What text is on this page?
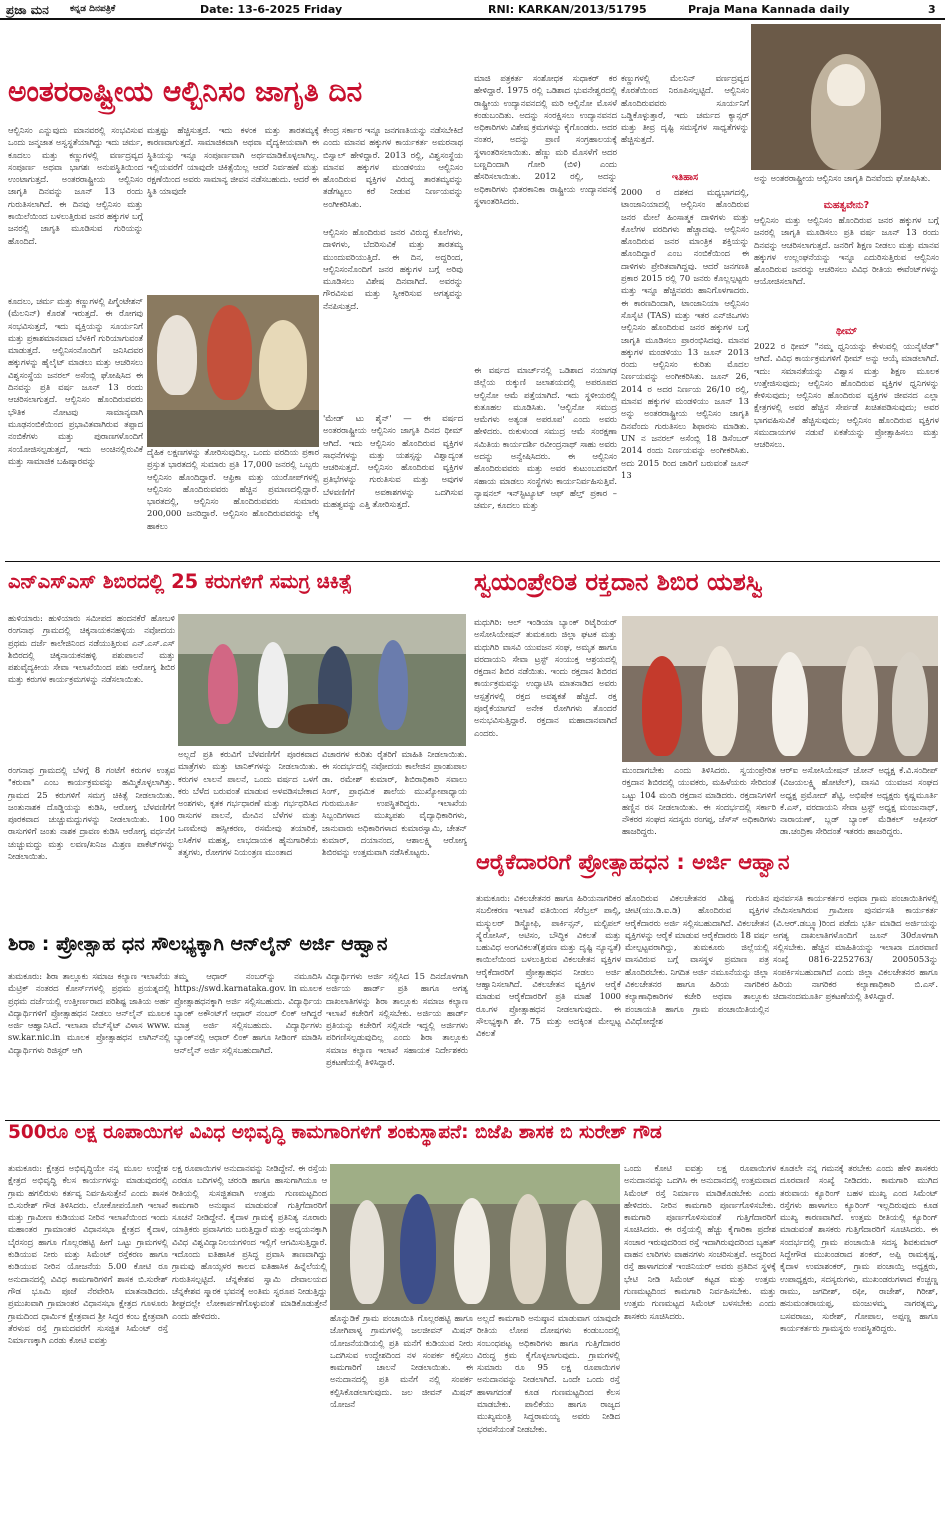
ಪ್ರಜಾ ಮನ ಕನ್ನಡ ದಿನಪತ್ರಿಕೆ	Date: 13-6-2025 Friday	RNI: KARKAN/2013/51795	Praja Mana Kannada daily	3
ಅಂತರರಾಷ್ಟ್ರೀಯ ಆಲ್ಬಿನಿಸಂ ಜಾಗೃತಿ ದಿನ
ಆಲ್ಬಿನಿಸಂ ಎನ್ನುವುದು ಮಾನವರಲ್ಲಿ ಸಂಭವಿಸುವ ಒಂದು ಜನ್ಮಜಾತ ಅಸ್ವಸ್ಥತೆಯಾಗಿದ್ದು ಇದು ಚರ್ಮ, ಕೂದಲು ಮತ್ತು ಕಣ್ಣುಗಳಲ್ಲಿ ವರ್ಣದ್ರವ್ಯದ ಸಂಪೂರ್ಣ ಅಥವಾ ಭಾಗಶಃ ಅನುಪಸ್ಥಿತಿಯಿಂದ ಉಂಟಾಗುತ್ತದೆ. ಅಂತರರಾಷ್ಟ್ರೀಯ ಆಲ್ಬಿನಿಸಂ ಜಾಗೃತಿ ದಿನವನ್ನು ಜೂನ್ 13 ರಂದು ಗುರುತಿಸಲಾಗಿದೆ. ಈ ದಿನವು ಆಲ್ಬಿನಿಸಂ ಮತ್ತು ಕಾಯಿಲೆಯಿಂದ ಬಳಲುತ್ತಿರುವ ಜನರ ಹಕ್ಕುಗಳ ಬಗ್ಗೆ ಜನರಲ್ಲಿ ಜಾಗೃತಿ ಮೂಡಿಸುವ ಗುರಿಯನ್ನು ಹೊಂದಿದೆ.
ಕೂದಲು, ಚರ್ಮ ಮತ್ತು ಕಣ್ಣುಗಳಲ್ಲಿ ಪಿಗ್ಮೆಂಟೇಶನ್ (ಮೆಲನಿನ್) ಕೊರತೆ ಇರುತ್ತದೆ. ಈ ರೋಗವು ಸಂಭವಿಸುತ್ತದೆ, ಇದು ವ್ಯಕ್ತಿಯನ್ನು ಸೂರ್ಯನಿಗೆ ಮತ್ತು ಪ್ರಕಾಶಮಾನವಾದ ಬೆಳಕಿಗೆ ಗುರಿಯಾಗುವಂತೆ ಮಾಡುತ್ತದೆ. ಆಲ್ಬಿನಿಸಂನೊಂದಿಗೆ ಜನಿಸಿದವರ ಹಕ್ಕುಗಳನ್ನು ಹೈಲೈಟ್ ಮಾಡಲು ಮತ್ತು ಆಚರಿಸಲು ವಿಶ್ವಸಂಸ್ಥೆಯ ಜನರಲ್ ಅಸೆಂಬ್ಲಿ ಘೋಷಿಸಿದ ಈ ದಿನವನ್ನು ಪ್ರತಿ ವರ್ಷ ಜೂನ್ 13 ರಂದು ಆಚರಿಸಲಾಗುತ್ತದೆ. ಆಲ್ಬಿನಿಸಂ ಹೊಂದಿರುವವರು ಭೌತಿಕ ನೋಟವು ಸಾಮಾನ್ಯವಾಗಿ ಮೂಢನಂಬಿಕೆಯಿಂದ ಪ್ರಭಾವಿತವಾಗಿರುವ ತಪ್ಪಾದ ನಂಬಿಕೆಗಳು ಮತ್ತು ಪುರಾಣಗಳೊಂದಿಗೆ ಸಂಯೋಜಿಸಲ್ಪಡುತ್ತದೆ, ಇದು ಅಂಚಿನಲ್ಲಿರುವಿಕೆ ಮತ್ತು ಸಾಮಾಜಿಕ ಬಹಿಷ್ಕಾರವನ್ನು
ಮತ್ತಷ್ಟು ಹೆಚ್ಚಿಸುತ್ತದೆ. ಇದು ಕಳಂಕ ಮತ್ತು ತಾರತಮ್ಯಕ್ಕೆ ಕಾರಣವಾಗುತ್ತದೆ. ಸಾಮಾಜಿಕವಾಗಿ ಅಥವಾ ವೈದ್ಯಕೀಯವಾಗಿ ಈ ಸ್ಥಿತಿಯನ್ನು ಇನ್ನೂ ಸಂಪೂರ್ಣವಾಗಿ ಅರ್ಥಮಾಡಿಕೊಳ್ಳಲಾಗಿಲ್ಲ. ಇಲ್ಲಿಯವರೆಗೆ ಯಾವುದೇ ಚಿಕಿತ್ಸೆಯಿಲ್ಲ ಆದರೆ ನಿರ್ವಹಣೆ ಮತ್ತು ರಕ್ಷಣೆಯಿಂದ ಅವರು ಸಾಮಾನ್ಯ ಜೀವನ ನಡೆಸಬಹುದು. ಆದರೆ ಈ ಸ್ಥಿತಿ ಯಾವುದೇ
ದೈಹಿಕ ಲಕ್ಷಣಗಳನ್ನು ತೋರಿಸುವುದಿಲ್ಲ. ಒಂದು ವರದಿಯ ಪ್ರಕಾರ ಪ್ರಸ್ತುತ ಭಾರತದಲ್ಲಿ ಸುಮಾರು ಪ್ರತಿ 17,000 ಜನರಲ್ಲಿ ಒಬ್ಬರು ಆಲ್ಬಿನಿಸಂ ಹೊಂದಿದ್ದಾರೆ. ಆಫ್ರಿಕಾ ಮತ್ತು ಯುರೋಪ್‌ಗಳಲ್ಲಿ ಆಲ್ಬಿನಿಸಂ ಹೊಂದಿರುವವರು ಹೆಚ್ಚಿನ ಪ್ರಮಾಣದಲ್ಲಿದ್ದಾರೆ. ಭಾರತದಲ್ಲಿ, ಆಲ್ಬಿನಿಸಂ ಹೊಂದಿರುವವರು ಸುಮಾರು 200,000 ಜನರಿದ್ದಾರೆ. ಆಲ್ಬಿನಿಸಂ ಹೊಂದಿರುವವರನ್ನು ಲೆಕ್ಕ ಹಾಕಲು
ಕೇಂದ್ರ ಸರ್ಕಾರ ಇನ್ನೂ ಜನಗಣತಿಯನ್ನು ನಡೆಸಬೇಕಿದೆ ಎಂದು ಮಾನವ ಹಕ್ಕುಗಳ ಕಾರ್ಯಕರ್ತ ಅಮರನಾಥ ಬಿಸ್ವಾಲ್ ಹೇಳಿದ್ದಾರೆ. 2013 ರಲ್ಲಿ, ವಿಶ್ವಸಂಸ್ಥೆಯ ಮಾನವ ಹಕ್ಕುಗಳ ಮಂಡಳಿಯು ಆಲ್ಬಿನಿಸಂ ಹೊಂದಿರುವ ವ್ಯಕ್ತಿಗಳ ವಿರುದ್ಧ ತಾರತಮ್ಯವನ್ನು ತಡೆಗಟ್ಟಲು ಕರೆ ನೀಡುವ ನಿರ್ಣಯವನ್ನು ಅಂಗೀಕರಿಸಿತು.
ಆಲ್ಬಿನಿಸಂ ಹೊಂದಿರುವ ಜನರ ವಿರುದ್ಧ ಕೊಲೆಗಳು, ದಾಳಿಗಳು, ಬೆದರಿಸುವಿಕೆ ಮತ್ತು ತಾರತಮ್ಯ ಮುಂದುವರಿಯುತ್ತಿದೆ. ಈ ದಿನ, ಅದ್ದರಿಂದ, ಆಲ್ಬಿನಿಸಂನೊಂದಿಗೆ ಜನರ ಹಕ್ಕುಗಳ ಬಗ್ಗೆ ಅರಿವು ಮೂಡಿಸಲು ವಿಶೇಷ ದಿನವಾಗಿದೆ. ಅವರನ್ನು ಗೌರವಿಸುವ ಮತ್ತು ಸ್ವೀಕರಿಸುವ ಅಗತ್ಯವನ್ನು ನೆನಪಿಸುತ್ತದೆ.
'ಮೇಡ್ ಟು ಶೈನ್' — ಈ ವರ್ಷದ ಅಂತರರಾಷ್ಟ್ರೀಯ ಆಲ್ಬಿನಿಸಂ ಜಾಗೃತಿ ದಿನದ ಥೀಮ್ ಆಗಿದೆ. ಇದು ಆಲ್ಬಿನಿಸಂ ಹೊಂದಿರುವ ವ್ಯಕ್ತಿಗಳ ಸಾಧನೆಗಳನ್ನು ಮತ್ತು ಯಶಸ್ಸನ್ನು ವಿಶ್ವಾದ್ಯಂತ ಆಚರಿಸುತ್ತದೆ. ಆಲ್ಬಿನಿಸಂ ಹೊಂದಿರುವ ವ್ಯಕ್ತಿಗಳ ಪ್ರತಿಭೆಗಳನ್ನು ಗುರುತಿಸುವ ಮತ್ತು ಅವುಗಳ ಬೆಳವಣಿಗೆಗೆ ಅವಕಾಶಗಳನ್ನು ಒದಗಿಸುವ ಮಹತ್ವವನ್ನು ಎತ್ತಿ ತೋರಿಸುತ್ತದೆ.
ಮಾಜಿ ಪತ್ರಕರ್ತ ಸಂಶೋಧಕ ಸುಧಾಕರ್ ಕರ ಹೇಳಿದ್ದಾರೆ. 1975 ರಲ್ಲಿ ಒಡಿಶಾದ ಭುವನೇಶ್ವರದಲ್ಲಿ ರಾಷ್ಟ್ರೀಯ ಉದ್ಯಾನವನದಲ್ಲಿ ಮರಿ ಆಲ್ಬಿನೋ ಮೊಸಳೆ ಕಂಡುಬಂದಿತು. ಅದನ್ನು ಸಂರಕ್ಷಿಸಲು ಉದ್ಯಾನವನದ ಅಧಿಕಾರಿಗಳು ವಿಶೇಷ ಕ್ರಮಗಳನ್ನು ಕೈಗೊಂಡರು. ಅದರ ನಂತರ, ಅದನ್ನು ಪ್ರಾಣಿ ಸಂಗ್ರಹಾಲಯಕ್ಕೆ ಸ್ಥಳಾಂತರಿಸಲಾಯಿತು. ಹೆಣ್ಣು ಮರಿ ಮೊಸಳೆಗೆ ಅದರ ಬಣ್ಣದಿಂದಾಗಿ ಗೋರಿ (ಬಿಳಿ) ಎಂದು ಹೆಸರಿಸಲಾಯಿತು. 2012 ರಲ್ಲಿ, ಅದನ್ನು ಅಧಿಕಾರಿಗಳು ಭಿತರಕಾನಿಕಾ ರಾಷ್ಟ್ರೀಯ ಉದ್ಯಾನವನಕ್ಕೆ ಸ್ಥಳಾಂತರಿಸಿದರು.
ಈ ವರ್ಷದ ಮಾರ್ಚ್‌ನಲ್ಲಿ ಒಡಿಶಾದ ನಯಾಗಢ ಜಿಲ್ಲೆಯ ರುಕ್ಕುಣಿ ಜಲಾಶಯದಲ್ಲಿ ಅಪರೂಪದ ಆಲ್ಬಿನೋ ಆಮೆ ಪತ್ತೆಯಾಗಿದೆ. ಇದು ಸ್ಥಳೀಯರಲ್ಲಿ ಕುತೂಹಲ ಮೂಡಿಸಿತು. 'ಆಲ್ಬಿನೋ ಸಮುದ್ರ ಆಮೆಗಳು ಅತ್ಯಂತ ಅಪರೂಪ' ಎಂದು ಅವರು ಹೇಳಿದರು. ರುಕುಳುಂಡ ಸಮುದ್ರ ಆಮೆ ಸಂರಕ್ಷಣಾ ಸಮಿತಿಯ ಕಾರ್ಯದರ್ಶಿ ರವೀಂದ್ರನಾಥ್ ಸಾಹು ಅವರು ಅದನ್ನು ಅನ್ವೇಷಿಸಿದರು. ಈ ಆಲ್ಬಿನಿಸಂ ಹೊಂದಿರುವವರು ಮತ್ತು ಅವರ ಕುಟುಂಬದವರಿಗೆ ಸಹಾಯ ಮಾಡಲು ಸಂಸ್ಥೆಗಳು ಕಾರ್ಯನಿರ್ವಹಿಸುತ್ತಿವೆ. ನ್ಯಾಷನಲ್ ಇನ್‌ಸ್ಟಿಟ್ಯೂಟ್ ಆಫ್ ಹೆಲ್ತ್ ಪ್ರಕಾರ – ಚರ್ಮ, ಕೂದಲು ಮತ್ತು
ಕಣ್ಣುಗಳಲ್ಲಿ ಮೆಲನಿನ್ ವರ್ಣದ್ರವ್ಯದ ಕೊರತೆಯಿಂದ ನಿರೂಪಿಸಲ್ಪಟ್ಟಿದೆ. ಆಲ್ಬಿನಿಸಂ ಹೊಂದಿರುವವರು ಸೂರ್ಯನಿಗೆ ಒಡ್ಡಿಕೊಳ್ಳುತ್ತಾರೆ, ಇದು ಚರ್ಮದ ಕ್ಯಾನ್ಸರ್ ಮತ್ತು ತೀವ್ರ ದೃಷ್ಟಿ ಸಮಸ್ಯೆಗಳ ಸಾಧ್ಯತೆಗಳನ್ನು ಹೆಚ್ಚಿಸುತ್ತದೆ.
ಇತಿಹಾಸ
2000 ರ ದಶಕದ ಮಧ್ಯಭಾಗದಲ್ಲಿ, ಟಾಂಜಾನಿಯಾದಲ್ಲಿ ಆಲ್ಬಿನಿಸಂ ಹೊಂದಿರುವ ಜನರ ಮೇಲೆ ಹಿಂಸಾತ್ಮಕ ದಾಳಿಗಳು ಮತ್ತು ಕೊಲೆಗಳ ವರದಿಗಳು ಹೆಚ್ಚಾದವು. ಆಲ್ಬಿನಿಸಂ ಹೊಂದಿರುವ ಜನರ ಮಾಂತ್ರಿಕ ಶಕ್ತಿಯನ್ನು ಹೊಂದಿದ್ದಾರೆ ಎಂಬ ನಂಬಿಕೆಯಿಂದ ಈ ದಾಳಿಗಳು ಪ್ರೇರಿತವಾಗಿದ್ದವು. ಆದರೆ ಜನಗಣತಿ ಪ್ರಕಾರ 2015 ರಲ್ಲಿ 70 ಜನರು ಕೊಲ್ಲಲ್ಪಟ್ಟರು ಮತ್ತು ಇನ್ನೂ ಹೆಚ್ಚಿನವರು ಹಾನಿಗೊಳಗಾದರು. ಈ ಕಾರಣದಿಂದಾಗಿ, ಟಾಂಜಾನಿಯಾ ಆಲ್ಬಿನಿಸಂ ಸೊಸೈಟಿ (TAS) ಮತ್ತು ಇತರ ಎನ್‌ಜಿಒಗಳು ಆಲ್ಬಿನಿಸಂ ಹೊಂದಿರುವ ಜನರ ಹಕ್ಕುಗಳ ಬಗ್ಗೆ ಜಾಗೃತಿ ಮೂಡಿಸಲು ಪ್ರಾರಂಭಿಸಿದವು. ಮಾನವ ಹಕ್ಕುಗಳ ಮಂಡಳಿಯು 13 ಜೂನ್ 2013 ರಂದು ಆಲ್ಬಿನಿಸಂ ಕುರಿತು ಮೊದಲ ನಿರ್ಣಯವನ್ನು ಅಂಗೀಕರಿಸಿತು. ಜೂನ್ 26, 2014 ರ ಅದರ ನಿರ್ಣಯ 26/10 ರಲ್ಲಿ, ಮಾನವ ಹಕ್ಕುಗಳ ಮಂಡಳಿಯು ಜೂನ್ 13 ಅನ್ನು ಅಂತರರಾಷ್ಟ್ರೀಯ ಆಲ್ಬಿನಿಸಂ ಜಾಗೃತಿ ದಿನವೆಂದು ಗುರುತಿಸಲು ಶಿಫಾರಸು ಮಾಡಿತು. UN ನ ಜನರಲ್ ಅಸೆಂಬ್ಲಿ 18 ಡಿಸೆಂಬರ್ 2014 ರಂದು ನಿರ್ಣಯವನ್ನು ಅಂಗೀಕರಿಸಿತು. ಅದು 2015 ರಿಂದ ಜಾರಿಗೆ ಬರುವಂತೆ ಜೂನ್ 13
ಅನ್ನು ಅಂತರರಾಷ್ಟ್ರೀಯ ಆಲ್ಬಿನಿಸಂ ಜಾಗೃತಿ ದಿನವೆಂದು ಘೋಷಿಸಿತು.
ಮಹತ್ವವೇನು?
ಆಲ್ಬಿನಿಸಂ ಮತ್ತು ಆಲ್ಬಿನಿಸಂ ಹೊಂದಿರುವ ಜನರ ಹಕ್ಕುಗಳ ಬಗ್ಗೆ ಜನರಲ್ಲಿ ಜಾಗೃತಿ ಮೂಡಿಸಲು ಪ್ರತಿ ವರ್ಷ ಜೂನ್ 13 ರಂದು ದಿನವನ್ನು ಆಚರಿಸಲಾಗುತ್ತದೆ. ಜನರಿಗೆ ಶಿಕ್ಷಣ ನೀಡಲು ಮತ್ತು ಮಾನವ ಹಕ್ಕುಗಳ ಉಲ್ಲಂಘನೆಯನ್ನು ಇನ್ನೂ ಎದುರಿಸುತ್ತಿರುವ ಆಲ್ಬಿನಿಸಂ ಹೊಂದಿರುವ ಜನರನ್ನು ಆಚರಿಸಲು ವಿವಿಧ ರೀತಿಯ ಈವೆಂಟ್‌ಗಳನ್ನು ಆಯೋಜಿಸಲಾಗಿದೆ.
ಥೀಮ್
2022 ರ ಥೀಮ್ "ನಮ್ಮ ಧ್ವನಿಯನ್ನು ಕೇಳುವಲ್ಲಿ ಯುನೈಟೆಡ್" ಆಗಿದೆ. ವಿವಿಧ ಕಾರ್ಯಕ್ರಮಗಳಿಗೆ ಥೀಮ್ ಅನ್ನು ಆಯ್ಕೆ ಮಾಡಲಾಗಿದೆ. ಇದು: ಸಮಾನತೆಯನ್ನು ವಿಶ್ವಾಸ ಮತ್ತು ಶಿಕ್ಷಣ ಮೂಲಕ ಉತ್ತೇಜಿಸುವುದು; ಆಲ್ಬಿನಿಸಂ ಹೊಂದಿರುವ ವ್ಯಕ್ತಿಗಳ ಧ್ವನಿಗಳನ್ನು ಕೇಳಿಸುವುದು; ಆಲ್ಬಿನಿಸಂ ಹೊಂದಿರುವ ವ್ಯಕ್ತಿಗಳ ಜೀವನದ ಎಲ್ಲಾ ಕ್ಷೇತ್ರಗಳಲ್ಲಿ ಅವರ ಹೆಚ್ಚಿನ ಸೇರ್ಪಡೆ ಖಚಿತಪಡಿಸುವುದು; ಅವರ ಭಾಗವಹಿಸುವಿಕೆ ಹೆಚ್ಚಿಸುವುದು; ಆಲ್ಬಿನಿಸಂ ಹೊಂದಿರುವ ವ್ಯಕ್ತಿಗಳ ಸಮುದಾಯಗಳ ನಡುವೆ ಏಕತೆಯನ್ನು ಪ್ರೋತ್ಸಾಹಿಸಲು ಮತ್ತು ಆಚರಿಸಲು.
ಎನ್‌ಎಸ್‌ಎಸ್ ಶಿಬಿರದಲ್ಲಿ 25 ಕರುಗಳಿಗೆ ಸಮಗ್ರ ಚಿಕಿತ್ಸೆ
ಹುಳಿಯಾರು: ಹುಳಿಯಾರು ಸಮೀಪದ ಹಂದನಕೆರೆ ಹೋಬಳಿ ರಂಗನಾಥ ಗ್ರಾಮದಲ್ಲಿ ಚಿಕ್ಕನಾಯಕನಹಳ್ಳಿಯ ನವೋದಯ ಪ್ರಥಮ ದರ್ಜೆ ಕಾಲೇಜಿನಿಂದ ನಡೆಯುತ್ತಿರುವ ಎನ್.ಎಸ್.ಎಸ್ ಶಿಬಿರದಲ್ಲಿ ಚಿಕ್ಕನಾಯಕನಹಳ್ಳಿ ಪಶುಪಾಲನೆ ಮತ್ತು ಪಶುವೈದ್ಯಕೀಯ ಸೇವಾ ಇಲಾಖೆಯಿಂದ ಪಶು ಆರೋಗ್ಯ ಶಿಬಿರ ಮತ್ತು ಕರುಗಳ ಕಾರ್ಯಕ್ರಮಗಳನ್ನು ನಡೆಸಲಾಯಿತು.
ರಂಗನಾಥ ಗ್ರಾಮದಲ್ಲಿ ಬೆಳಗ್ಗೆ 8 ಗಂಟೆಗೆ ಕರುಗಳ ಉತ್ಸವ "ಕರುವಾ" ಎಂಬ ಕಾರ್ಯಕ್ರಮವನ್ನು ಹಮ್ಮಿಕೊಳ್ಳಲಾಗಿತ್ತು. ಗ್ರಾಮದ 25 ಕರುಗಳಿಗೆ ಸಮಗ್ರ ಚಿಕಿತ್ಸೆ ನೀಡಲಾಯಿತು. ಜಂತುನಾಶಕ ದೊಡ್ಡಿಯನ್ನು ಕುಡಿಸಿ, ಆರೋಗ್ಯ ಬೆಳವಣಿಗೆಗೆ ಪೂರಕವಾದ ಚುಚ್ಚುಮದ್ದುಗಳನ್ನು ನೀಡಲಾಯಿತು. 100 ರಾಸುಗಳಿಗೆ ಜಂತು ನಾಶಕ ದ್ರಾವಣ ಕುಡಿಸಿ ಆರೋಗ್ಯ ವರ್ಧನೆಗೆ ಚುಚ್ಚುಮದ್ದು ಮತ್ತು ಲವಣ/ಖನಿಜ ಮಿಶ್ರಣ ಪಾಕೆಟ್‌ಗಳನ್ನು ನೀಡಲಾಯಿತು.
ಅಲ್ಲದೆ ಪ್ರತಿ ಕರುವಿಗೆ ಬೆಳವಣಿಗೆಗೆ ಪೂರಕವಾದ ಮಾತ್ರೆಗಳು ಮತ್ತು ಟಾನಿಕ್‌ಗಳನ್ನು ನೀಡಲಾಯಿತು. ಕರುಗಳ ಲಾಲನೆ ಪಾಲನೆ, ಒಂದು ವರ್ಷದ ಒಳಗೆ ಕರು ಬೆಳೆದ ಬರುವಂತೆ ಮಾಡುವ ಅಳವಡಿಸಬೇಕಾದ ಅಂಶಗಳು, ಕೃತಕ ಗರ್ಭಧಾರಣೆ ಮತ್ತು ಗರ್ಭಧರಿಸಿದ ರಾಸುಗಳ ಪಾಲನೆ, ಮೇವಿನ ಬೆಳೆಗಳ ಮತ್ತು ಒಣಮೇವು ಹಸ್ಸೀಕರಣ, ರಸಮೇವು ತಯಾರಿಕೆ, ಲಸಿಕೆಗಳ ಮಹತ್ವ, ಲಾಭದಾಯಕ ಹೈನುಗಾರಿಕೆಯ ತತ್ವಗಳು, ರೋಗಗಳ ನಿಯಂತ್ರಣ ಮುಂತಾದ
ವಿಚಾರಗಳ ಕುರಿತು ರೈತರಿಗೆ ಮಾಹಿತಿ ನೀಡಲಾಯಿತು. ಈ ಸಂದರ್ಭದಲ್ಲಿ ನವೋದಯ ಕಾಲೇಜಿನ ಪ್ರಾಂಶುಪಾಲ ಡಾ. ರಮೇಶ್ ಕುಮಾರ್, ಶಿಬಿರಾಧಿಕಾರಿ ಸವಾಲು ಸಿಂಗ್, ಪ್ರಾಥಮಿಕ ಶಾಲೆಯ ಮುಖ್ಯೋಪಾಧ್ಯಾಯ ಗುರುಮೂರ್ತಿ ಉಪಸ್ಥಿತರಿದ್ದರು. ಇಲಾಖೆಯ ಸಿಬ್ಬಂದಿಗಳಾದ ಮುಖ್ಯಪಶು ವೈದ್ಯಾಧಿಕಾರಿಗಳು, ಜಾನುವಾರು ಅಧಿಕಾರಿಗಳಾದ ಕುಮಾರಸ್ವಾಮಿ, ಚೇತನ್ ಕುಮಾರ್, ದಯಾನಂದ, ಆಶಾಲಕ್ಷ್ಮಿ ಆರೋಗ್ಯ ಶಿಬಿರವನ್ನು ಉತ್ತಮವಾಗಿ ನಡೆಸಿಕೊಟ್ಟರು.
ಸ್ವಯಂಪ್ರೇರಿತ ರಕ್ತದಾನ ಶಿಬಿರ ಯಶಸ್ವಿ
ಮಧುಗಿರಿ: ಆಲ್ ಇಂಡಿಯಾ ಬ್ಯಾಂಕ್ ರಿಟೈರಿಯರ್ ಅಸೋಸಿಯೇಷನ್ ತುಮಕೂರು ಜಿಲ್ಲಾ ಘಟಕ ಮತ್ತು ಮಧುಗಿರಿ ವಾಸವಿ ಯುವಜನ ಸಂಘ, ಅಮೃತ ಹಾಗೂ ವರದಾಯನಿ ಸೇವಾ ಟ್ರಸ್ಟ್ ಸಂಯುಕ್ತ ಆಶ್ರಯದಲ್ಲಿ ರಕ್ತದಾನ ಶಿಬಿರ ನಡೆಯಿತು. ಇಂದು ರಕ್ತದಾನ ಶಿಬಿರದ ಕಾರ್ಯಕ್ರಮವನ್ನು ಉದ್ಘಾಟಿಸಿ ಮಾತನಾಡಿದ ಅವರು ಆಸ್ಪತ್ರೆಗಳಲ್ಲಿ ರಕ್ತದ ಅವಶ್ಯಕತೆ ಹೆಚ್ಚಿದೆ. ರಕ್ತ ಪೂರೈಕೆಯಾಗದೆ ಅನೇಕ ರೋಗಿಗಳು ತೊಂದರೆ ಅನುಭವಿಸುತ್ತಿದ್ದಾರೆ. ರಕ್ತದಾನ ಮಹಾದಾನವಾಗಿದೆ ಎಂದರು.
ಮುಂದಾಗಬೇಕು ಎಂದು ತಿಳಿಸಿದರು. ಸ್ವಯಂಪ್ರೇರಿತ ರಕ್ತದಾನ ಶಿಬಿರದಲ್ಲಿ ಯುವಕರು, ಮಹಿಳೆಯರು ಸೇರಿದಂತೆ ಒಟ್ಟು 104 ಮಂದಿ ರಕ್ತದಾನ ಮಾಡಿದರು. ರಕ್ತದಾನಿಗಳಿಗೆ ಹಣ್ಣಿನ ರಸ ನೀಡಲಾಯಿತು. ಈ ಸಂದರ್ಭದಲ್ಲಿ ಸರ್ಕಾರಿ ನೌಕರರ ಸಂಘದ ಸದಸ್ಯರು ರಂಗಪ್ಪ, ಜೆಸ್‌ಸ್ ಅಧಿಕಾರಿಗಳು ಹಾಜರಿದ್ದರು.
ಆರ್‌ಐ ಅಸೋಸಿಯೇಷನ್ ಜೋನ್ ಅಧ್ಯಕ್ಷ ಕೆ.ವಿ.ಸಂದೀಪ್ (ವಿಜಯಲಕ್ಷ್ಮಿ ಹೋಟೆಲ್), ವಾಸವಿ ಯುವಜನ ಸಂಘದ ಅಧ್ಯಕ್ಷ ಪ್ರಮೋದ್ ಶೆಟ್ಟಿ, ಅಭಿಷೇಕ ಅಧ್ಯಕ್ಷರು ಕೃಷ್ಣಮೂರ್ತಿ ಕೆ.ಎಸ್, ವರದಾಯನಿ ಸೇವಾ ಟ್ರಸ್ಟ್ ಅಧ್ಯಕ್ಷ ಮಂಜುನಾಥ್, ನಾರಾಯಣ್, ಬ್ಲಡ್ ಬ್ಯಾಂಕ್ ಮೆಡಿಕಲ್ ಆಫೀಸರ್ ಡಾ.ಚಂದ್ರಿಕಾ ಸೇರಿದಂತೆ ಇತರರು ಹಾಜರಿದ್ದರು.
ಆರೈಕೆದಾರರಿಗೆ ಪ್ರೋತ್ಸಾಹಧನ : ಅರ್ಜಿ ಆಹ್ವಾನ
ತುಮಕೂರು: ವಿಕಲಚೇತನರ ಹಾಗೂ ಹಿರಿಯನಾಗರಿಕರ ಸಬಲೀಕರಣ ಇಲಾಖೆ ವತಿಯಿಂದ ಸೆರೆಬ್ರಲ್ ಪಾಲ್ಸಿ, ಮಸ್ಕ್ಯುಲರ್ ಡಿಸ್ಟ್ರೋಫಿ, ಪಾರ್ಕಿನ್ಸನ್, ಮಲ್ಟಿಪಲ್ ಸ್ಕ್ಲೆರೋಸಿಸ್, ಆಟಿಸಂ, ಬೌದ್ಧಿಕ ವಿಕಲತೆ ಮತ್ತು ಬಹುವಿಧ ಅಂಗವಿಕಲತೆ(ಶ್ರವಣ ಮತ್ತು ದೃಷ್ಟಿ ನ್ಯೂನ್ಯತೆ) ಕಾಯಿಲೆಯಿಂದ ಬಳಲುತ್ತಿರುವ ವಿಕಲಚೇತನ ವ್ಯಕ್ತಿಗಳ ಆರೈಕೆದಾರರಿಗೆ ಪ್ರೋತ್ಸಾಹಧನ ನೀಡಲು ಅರ್ಜಿ ಆಹ್ವಾನಿಸಲಾಗಿದೆ. ವಿಕಲಚೇತನ ವ್ಯಕ್ತಿಗಳ ಆರೈಕೆ ಮಾಡುವ ಆರೈಕೆದಾರರಿಗೆ ಪ್ರತಿ ಮಾಹೆ 1000 ರೂ.ಗಳ ಪ್ರೋತ್ಸಾಹಧನ ನೀಡಲಾಗುವುದು. ಈ ಸೌಲಭ್ಯಕ್ಕಾಗಿ ಶೇ. 75 ಮತ್ತು ಅದಕ್ಕಿಂತ ಮೇಲ್ಪಟ್ಟ ವಿಕಲತೆ
ಹೊಂದಿರುವ ವಿಕಲಚೇತನರ ವಿಶಿಷ್ಟ ಗುರುತಿನ ಚೀಟಿ(ಯು.ಡಿ.ಐ.ಡಿ) ಹೊಂದಿರುವ ವ್ಯಕ್ತಿಗಳ ಆರೈಕೆದಾರರು ಅರ್ಜಿ ಸಲ್ಲಿಸಬಹುದಾಗಿದೆ. ವಿಕಲಚೇತನ ವ್ಯಕ್ತಿಗಳನ್ನು ಆರೈಕೆ ಮಾಡುವ ಆರೈಕೆದಾರರು 18 ವರ್ಷ ಮೇಲ್ಪಟ್ಟವರಾಗಿದ್ದು, ತುಮಕೂರು ಜಿಲ್ಲೆಯಲ್ಲಿ ವಾಸವಿರುವ ಬಗ್ಗೆ ವಾಸಸ್ಥಳ ಪ್ರಮಾಣ ಪತ್ರ ಹೊಂದಿರಬೇಕು. ನಿಗದಿತ ಅರ್ಜಿ ನಮೂನೆಯನ್ನು ಜಿಲ್ಲಾ ವಿಕಲಚೇತನರ ಹಾಗೂ ಹಿರಿಯ ನಾಗರಿಕರ ಕಲ್ಯಾಣಾಧಿಕಾರಿಗಳ ಕಚೇರಿ ಅಥವಾ ತಾಲ್ಲೂಕು ಪಂಚಾಯತಿ ಹಾಗೂ ಗ್ರಾಮ ಪಂಚಾಯಿತಿಯಲ್ಲಿನ ವಿವಿಧೋದ್ದೇಶ
ಪುನರ್ವಸತಿ ಕಾರ್ಯಕರ್ತರ ಅಥವಾ ಗ್ರಾಮ ಪಂಚಾಯಿತಿಗಳಲ್ಲಿ ನೇಮಿಸಲಾಗಿರುವ ಗ್ರಾಮೀಣ ಪುನರ್ವಸತಿ ಕಾರ್ಯಕರ್ತ (ವಿ.ಆರ್.ಡಬ್ಲ್ಯೂ)ರಿಂದ ಪಡೆದು ಭರ್ತಿ ಮಾಡಿದ ಅರ್ಜಿಯನ್ನು ಅಗತ್ಯ ದಾಖಲಾತಿಗಳೊಂದಿಗೆ ಜೂನ್ 30ರೊಳಗಾಗಿ ಸಲ್ಲಿಸಬೇಕು. ಹೆಚ್ಚಿನ ಮಾಹಿತಿಯನ್ನು ಇಲಾಖಾ ದೂರವಾಣಿ ಸಂಖ್ಯೆ 0816-2252763/ 2005053ನ್ನು ಸಂಪರ್ಕಿಸಬಹುದಾಗಿದೆ ಎಂದು ಜಿಲ್ಲಾ ವಿಕಲಚೇತನರ ಹಾಗೂ ಹಿರಿಯ ನಾಗರಿಕರ ಕಲ್ಯಾಣಾಧಿಕಾರಿ ಬಿ.ಎಸ್. ಚಿದಾನಂದಮೂರ್ತಿ ಪ್ರಕಟಣೆಯಲ್ಲಿ ತಿಳಿಸಿದ್ದಾರೆ.
ಶಿರಾ : ಪ್ರೋತ್ಸಾಹ ಧನ ಸೌಲಭ್ಯಕ್ಕಾಗಿ ಆನ್‌ಲೈನ್ ಅರ್ಜಿ ಆಹ್ವಾನ
ತುಮಕೂರು: ಶಿರಾ ತಾಲ್ಲೂಕು ಸಮಾಜ ಕಲ್ಯಾಣ ಇಲಾಖೆಯ ಮೆಟ್ರಿಕ್ ನಂತರದ ಕೋರ್ಸ್‌ಗಳಲ್ಲಿ ಪ್ರಥಮ ಪ್ರಯತ್ನದಲ್ಲಿ ಪ್ರಥಮ ದರ್ಜೆಯಲ್ಲಿ ಉತ್ತೀರ್ಣರಾದ ಪರಿಶಿಷ್ಟ ಜಾತಿಯ ಅರ್ಹ ವಿದ್ಯಾರ್ಥಿಗಳಿಗೆ ಪ್ರೋತ್ಸಾಹಧನ ನೀಡಲು ಆನ್‌ಲೈನ್ ಮೂಲಕ ಅರ್ಜಿ ಆಹ್ವಾನಿಸಿದೆ. ಇಲಾಖಾ ವೆಬ್‌ಸೈಟ್ ವಿಳಾಸ www. sw.kar.nic.in ಮೂಲಕ ಪ್ರೋತ್ಸಾಹಧನ ಲಾಗಿನ್‌ನಲ್ಲಿ ವಿದ್ಯಾರ್ಥಿಗಳು ರಿಜಿಸ್ಟರ್ ಆಗಿ
ತಮ್ಮ ಆಧಾರ್ ನಂಬರ್‌ನ್ನು ನಮೂದಿಸಿ https://swd.karnataka.gov. in ಮೂಲಕ ಪ್ರೋತ್ಸಾಹಧನಕ್ಕಾಗಿ ಅರ್ಜಿ ಸಲ್ಲಿಸಬಹುದು. ವಿದ್ಯಾರ್ಥಿಯ ಬ್ಯಾಂಕ್ ಅಕೌಂಟ್‌ಗೆ ಆಧಾರ್ ನಂಬರ್ ಲಿಂಕ್ ಆಗಿದ್ದರೆ ಮಾತ್ರ ಅರ್ಜಿ ಸಲ್ಲಿಸಬಹುದು. ವಿದ್ಯಾರ್ಥಿಗಳು ಬ್ಯಾಂಕ್‌ನಲ್ಲಿ ಆಧಾರ್ ಲಿಂಕ್ ಹಾಗೂ ಸೀಡಿಂಗ್ ಮಾಡಿಸಿ ಆನ್‌ಲೈನ್ ಅರ್ಜಿ ಸಲ್ಲಿಸಬಹುದಾಗಿದೆ.
ವಿದ್ಯಾರ್ಥಿಗಳು ಅರ್ಜಿ ಸಲ್ಲಿಸಿದ 15 ದಿನದೊಳಗಾಗಿ ಅರ್ಜಿಯ ಹಾರ್ಡ್ ಪ್ರತಿ ಹಾಗೂ ಅಗತ್ಯ ದಾಖಲಾತಿಗಳನ್ನು ಶಿರಾ ತಾಲ್ಲೂಕು ಸಮಾಜ ಕಲ್ಯಾಣ ಇಲಾಖೆ ಕಚೇರಿಗೆ ಸಲ್ಲಿಸಬೇಕು. ಅರ್ಜಿಯ ಹಾರ್ಡ್ ಪ್ರತಿಯನ್ನು ಕಚೇರಿಗೆ ಸಲ್ಲಿಸದೇ ಇದ್ದಲ್ಲಿ ಅರ್ಜಿಗಳು ಪರಿಗಣಿಸಲ್ಪಡುವುದಿಲ್ಲ ಎಂದು ಶಿರಾ ತಾಲ್ಲೂಕು ಸಮಾಜ ಕಲ್ಯಾಣ ಇಲಾಖೆ ಸಹಾಯಕ ನಿರ್ದೇಶಕರು ಪ್ರಕಟಣೆಯಲ್ಲಿ ತಿಳಿಸಿದ್ದಾರೆ.
500ರೂ ಲಕ್ಷ ರೂಪಾಯಿಗಳ ವಿವಿಧ ಅಭಿವೃದ್ಧಿ ಕಾಮಗಾರಿಗಳಿಗೆ ಶಂಕುಸ್ಥಾಪನೆ: ಬಿಜೆಪಿ ಶಾಸಕ ಬಿ ಸುರೇಶ್ ಗೌಡ
ತುಮಕೂರು: ಕ್ಷೇತ್ರದ ಅಭಿವೃದ್ಧಿಯೇ ನನ್ನ ಮೂಲ ಉದ್ದೇಶ ಕ್ಷೇತ್ರದ ಅಭಿವೃದ್ಧಿ ಕೆಲಸ ಕಾರ್ಯಗಳನ್ನು ಮಾಡುವುದರಲ್ಲಿ ಗ್ರಾಮ ಹಗಲಿರುಳು ಕರ್ತವ್ಯ ನಿರ್ವಹಿಸುತ್ತೇನೆ ಎಂದು ಶಾಸಕ ಬಿ.ಸುರೇಶ್ ಗೌಡ ತಿಳಿಸಿದರು. ಲೋಕೋಪಯೋಗಿ ಇಲಾಖೆ ಮತ್ತು ಗ್ರಾಮೀಣ ಕುಡಿಯುವ ನೀರಿನ ಇಲಾಖೆಯಿಂದ ಇಂದು ಮಹಾಂತರ ಗ್ರಾಮಾಂತರ ವಿಧಾನಸಭಾ ಕ್ಷೇತ್ರದ ಕೈದಾಳ, ಬೈರಸಂದ್ರ ಹಾಗೂ ಗೊಲ್ಲರಹಟ್ಟಿ ಹೀಗೆ ಒಟ್ಟು ಗ್ರಾಮಗಳಲ್ಲಿ ಕುಡಿಯುವ ನೀರು ಮತ್ತು ಸಿಮೆಂಟ್ ರಸ್ತೆಕರಣ ಹಾಗೂ ಕುಡಿಯುವ ನೀರಿನ ಯೋಜನೆಯ 5.00 ಕೋಟಿ ರೂ ಅನುದಾನದಲ್ಲಿ ವಿವಿಧ ಕಾಮಗಾರಿಗಳಿಗೆ ಶಾಸಕ ಬಿ.ಸುರೇಶ್ ಗೌಡ ಭೂಮಿ ಪೂಜೆ ನೆರವೇರಿಸಿ ಮಾತನಾಡಿದರು. ಪ್ರಮುಖವಾಗಿ ಗ್ರಾಮಾಂತರ ವಿಧಾನಸಭಾ ಕ್ಷೇತ್ರದ ಗೂಳೂರು ಗ್ರಾಮದಿಂದ ಧಾರ್ಮಿಕ ಕ್ಷೇತ್ರವಾದ ಶ್ರೀ ಸಿದ್ಧರ ಕಂಬ ಕ್ಷೇತ್ರವಾಗಿ ತೆರಳುವ ರಸ್ತೆ ಗ್ರಾಮದವರೆಗೆ ಸುಸಜ್ಜಿತ ಸಿಮೆಂಟ್ ರಸ್ತೆ ನಿರ್ಮಾಣಕ್ಕಾಗಿ ಎರಡು ಕೋಟಿ ಐವತ್ತು
ಲಕ್ಷ ರೂಪಾಯಿಗಳ ಅನುದಾನವನ್ನು ನೀಡಿದ್ದೇನೆ. ಈ ರಸ್ತೆಯ ಎರಡೂ ಬದಿಗಳಲ್ಲಿ ಚರಂಡಿ ಹಾಗೂ ಹಾಸುಗಾಗಿಯೂ ಆ ರೀತಿಯಲ್ಲಿ ಸುಸಜ್ಜಿತವಾಗಿ ಉತ್ತಮ ಗುಣಮಟ್ಟದಿಂದ ಕಾಮಗಾರಿ ಅನುಷ್ಠಾನ ಮಾಡುವಂತೆ ಗುತ್ತಿಗೆದಾರರಿಗೆ ಸೂಚನೆ ನೀಡಿದ್ದೇನೆ. ಕೈದಾಳ ಗ್ರಾಮಕ್ಕೆ ಪ್ರತಿನಿತ್ಯ ನೂರಾರು ಯಾತ್ರಿಕರು ಪ್ರವಾಸಿಗರು ಬರುತ್ತಿದ್ದಾರೆ ಮತ್ತು ಅಧ್ಯಯನಕ್ಕಾಗಿ ವಿವಿಧ ವಿಶ್ವವಿದ್ಯಾನಿಲಯಗಳಿಂದ ಇಲ್ಲಿಗೆ ಆಗಮಿಸುತ್ತಿದ್ದಾರೆ. ಇದೊಂದು ಐತಿಹಾಸಿಕ ಪ್ರಸಿದ್ಧ ಪ್ರವಾಸಿ ತಾಣವಾಗಿದ್ದು ಗ್ರಾಮವು ಹೊಯ್ಸಳರ ಕಾಲದ ಐತಿಹಾಸಿಕ ಹಿನ್ನೆಲೆಯಲ್ಲಿ ಗುರುತಿಸಲ್ಪಟ್ಟಿದೆ. ಚೆನ್ನಕೇಶವ ಸ್ವಾಮಿ ದೇವಾಲಯದ ಚೆನ್ನಕೇಶವ ಸ್ಮಾರಕ ಭವನಕ್ಕೆ ಅಂತಿಮ ಸ್ವರೂಪ ನೀಡುತ್ತಿದ್ದು ಶೀಘ್ರದಲ್ಲೇ ಲೋಕಾರ್ಪಣೆಗೊಳ್ಳುವಂತೆ ಮಾಡಿಕೊಡುತ್ತೇನೆ ಎಂದು ಹೇಳಿದರು.	ಹೊನ್ನುಡಿಕೆ ಗ್ರಾಮ ಪಂಚಾಯಿತಿ ಗೊಲ್ಲರಹಟ್ಟಿ ಹಾಗೂ ಜೋಗಿಪಾಳ್ಯ ಗ್ರಾಮಗಳಲ್ಲಿ ಜಲಜೀವನ್ ಮಿಷನ್ ಯೋಜನೆಯಡಿಯಲ್ಲಿ ಪ್ರತಿ ಮನೆಗೆ ಕುಡಿಯುವ ನೀರು ಒದಗಿಸುವ ಉದ್ದೇಶದಿಂದ ನಳ ಸಂಪರ್ಕ ಕಲ್ಪಿಸಲು ಕಾಮಗಾರಿಗೆ ಚಾಲನೆ ನೀಡಲಾಯಿತು. ಈ ಅನುದಾನದಲ್ಲಿ ಪ್ರತಿ ಮನೆಗೆ ನಲ್ಲಿ ಸಂಪರ್ಕ ಕಲ್ಪಿಸಿಕೊಡಲಾಗುವುದು. ಜಲ ಜೀವನ್ ಮಿಷನ್ ಯೋಜನೆ
ಅಲ್ಲದೆ ಕಾಮಗಾರಿ ಅನುಷ್ಠಾನ ಮಾಡುವಾಗ ಯಾವುದೇ ರೀತಿಯ ಲೋಪ ದೋಷಗಳು ಕಂಡುಬಂದಲ್ಲಿ ಸಂಬಂಧಪಟ್ಟ ಅಧಿಕಾರಿಗಳು ಹಾಗೂ ಗುತ್ತಿಗೆದಾರರ ವಿರುದ್ಧ ಕ್ರಮ ಕೈಗೊಳ್ಳಲಾಗುವುದು. ಗ್ರಾಮಗಳಲ್ಲಿ ಸುಮಾರು ರೂ 95 ಲಕ್ಷ ರೂಪಾಯಿಗಳ ಅನುದಾನವನ್ನು ನೀಡಲಾಗಿದೆ. ಒಂದೇ ಒಂದು ರಸ್ತೆ ಹಾಳಾಗದಂತೆ ಕೂಡ ಗುಣಮಟ್ಟದಿಂದ ಕೆಲಸ ಮಾಡಬೇಕು. ಪಾಲಿಕೆಯು ಹಾಗೂ ರಾಜ್ಯದ ಮುಖ್ಯಮಂತ್ರಿ ಸಿದ್ದರಾಮಯ್ಯ ಅವರು ನೀಡಿದ ಭರವಸೆಯಂತೆ ನೀಡಬೇಕು.
ಒಂದು ಕೋಟಿ ಐವತ್ತು ಲಕ್ಷ ರೂಪಾಯಿಗಳ ಅನುದಾನವನ್ನು ಒದಗಿಸಿ ಈ ಅನುದಾನದಲ್ಲಿ ಉತ್ತಮವಾದ ಸಿಮೆಂಟ್ ರಸ್ತೆ ನಿರ್ಮಾಣ ಮಾಡಿಕೊಡಬೇಕು ಎಂದು ಹೇಳಿದರು. ನೀರಿನ ಕಾಮಗಾರಿ ಪೂರ್ಣಗೊಳಿಸಬೇಕು. ಕಾಮಗಾರಿ ಪೂರ್ಣಗೊಳಿಸುವಂತೆ ಗುತ್ತಿಗೆದಾರರಿಗೆ ಸೂಚಿಸಿದರು. ಈ ರಸ್ತೆಯಲ್ಲಿ ಹೆಚ್ಚು ಕೈಗಾರಿಕಾ ಪ್ರದೇಶ ಸಂಚಾರ ಇರುವುದರಿಂದ ರಸ್ತೆ ಇದಾಗಿರುವುದರಿಂದ ಬೃಹತ್ ವಾಹನ ಲಾರಿಗಳು ವಾಹನಗಳು ಸಂಚರಿಸುತ್ತವೆ. ಅದ್ದರಿಂದ ರಸ್ತೆ ಹಾಳಾಗದಂತೆ ಇಂಜಿನಿಯರ್ ಅವರು ಪ್ರತಿದಿನ ಸ್ಥಳಕ್ಕೆ ಭೇಟಿ ನೀಡಿ ಸಿಮೆಂಟ್ ಕಟ್ಟಡ ಮತ್ತು ಉತ್ತಮ ಗುಣಮಟ್ಟದಿಂದ ಕಾಮಗಾರಿ ನಿರ್ವಹಿಸಬೇಕು. ಮತ್ತು ಉತ್ತಮ ಗುಣಮಟ್ಟದ ಸಿಮೆಂಟ್ ಬಳಸಬೇಕು ಎಂದು ಶಾಸಕರು ಸೂಚಿಸಿದರು.
ಕೂಡಲೇ ನನ್ನ ಗಮನಕ್ಕೆ ತರಬೇಕು ಎಂದು ಹೇಳಿ ಶಾಸಕರು ದೂರವಾಣಿ ಸಂಖ್ಯೆ ನೀಡಿದರು. ಕಾಮಗಾರಿ ಮುಗಿದ ತರುವಾಯ ಕ್ಯೂರಿಂಗ್ ಬಹಳ ಮುಖ್ಯ ಎಂದ ಸಿಮೆಂಟ್ ರಸ್ತೆಗಳು ಹಾಳಾಗಲು ಕ್ಯೂರಿಂಗ್ ಇಲ್ಲದಿರುವುದು ಕೂಡ ಮುಖ್ಯ ಕಾರಣವಾಗಿದೆ. ಉತ್ತಮ ರೀತಿಯಲ್ಲಿ ಕ್ಯೂರಿಂಗ್ ಮಾಡುವಂತೆ ಶಾಸಕರು ಗುತ್ತಿಗೆದಾರರಿಗೆ ಸೂಚಿಸಿದರು. ಈ ಸಂದರ್ಭದಲ್ಲಿ ಗ್ರಾಮ ಪಂಚಾಯಿತಿ ಸದಸ್ಯ ಶಿವಕುಮಾರ್ ಸಿದ್ದೇಗೌಡ ಮುಖಂಡರಾದ ಶಂಕರ್, ಅಪ್ಪಿ ರಾಮಕೃಷ್ಣ, ಕೈದಾಳ ಉಮಾಶಂಕರ್, ಗ್ರಾಮ ಪಂಚಾಯ್ತಿ ಅಧ್ಯಕ್ಷರು, ಉಪಾಧ್ಯಕ್ಷರು, ಸದಸ್ಯರುಗಳು, ಮುಖಂಡರುಗಳಾದ ಕೆಂಚ್ಚಣ್ಣ ರಾಮು, ಜಗದೀಶ್, ರಫೀ, ರಾಜೇಶ್, ಗಿರೀಶ್, ಹನುಮಂತರಾಯಪ್ಪ, ಮಂಜುಳಮ್ಮ ನಾಗರತ್ನಮ್ಮ, ಬಸವರಾಜು, ಸುರೇಶ್, ಗೋಪಾಲ, ಅಪ್ಪಣ್ಣ ಹಾಗೂ ಕಾರ್ಯಕರ್ತರು ಗ್ರಾಮಸ್ಥರು ಉಪಸ್ಥಿತರಿದ್ದರು.
